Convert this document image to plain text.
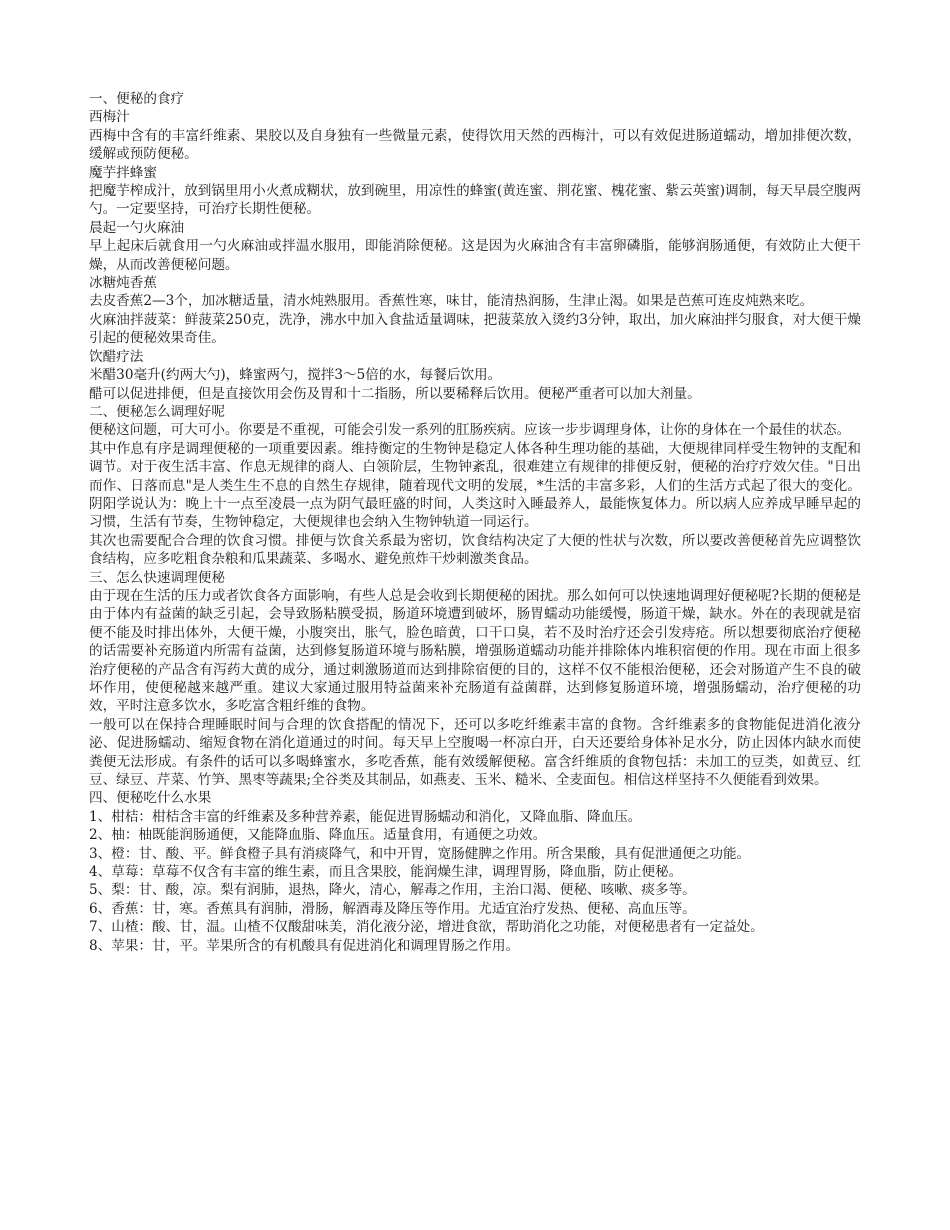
一、便秘的食疗

西梅汁

西梅中含有的丰富纤维素、果胶以及自身独有一些微量元素，使得饮用天然的西梅汁，可以有效促进肠道蠕动，增加排便次数，缓解或预防便秘。

魔芋拌蜂蜜

把魔芋榨成汁，放到锅里用小火煮成糊状，放到碗里，用凉性的蜂蜜(黄连蜜、荆花蜜、槐花蜜、紫云英蜜)调制，每天早晨空腹两勺。一定要坚持，可治疗长期性便秘。

晨起一勺火麻油

早上起床后就食用一勺火麻油或拌温水服用，即能消除便秘。这是因为火麻油含有丰富卵磷脂，能够润肠通便，有效防止大便干燥，从而改善便秘问题。

冰糖炖香蕉

去皮香蕉2—3个，加冰糖适量，清水炖熟服用。香蕉性寒，味甘，能清热润肠，生津止渴。如果是芭蕉可连皮炖熟来吃。

火麻油拌菠菜：鲜菠菜250克，洗净，沸水中加入食盐适量调味，把菠菜放入烫约3分钟，取出，加火麻油拌匀服食，对大便干燥引起的便秘效果奇佳。

饮醋疗法

米醋30毫升(约两大勺)，蜂蜜两勺，搅拌3～5倍的水，每餐后饮用。

醋可以促进排便，但是直接饮用会伤及胃和十二指肠，所以要稀释后饮用。便秘严重者可以加大剂量。

二、便秘怎么调理好呢

便秘这问题，可大可小。你要是不重视，可能会引发一系列的肛肠疾病。应该一步步调理身体，让你的身体在一个最佳的状态。

其中作息有序是调理便秘的一项重要因素。维持衡定的生物钟是稳定人体各种生理功能的基础，大便规律同样受生物钟的支配和调节。对于夜生活丰富、作息无规律的商人、白领阶层，生物钟紊乱，很难建立有规律的排便反射，便秘的治疗疗效欠佳。"日出而作、日落而息"是人类生生不息的自然生存规律，随着现代文明的发展，*生活的丰富多彩，人们的生活方式起了很大的变化。阴阳学说认为：晚上十一点至凌晨一点为阴气最旺盛的时间，人类这时入睡最养人，最能恢复体力。所以病人应养成早睡早起的习惯，生活有节奏，生物钟稳定，大便规律也会纳入生物钟轨道一同运行。

其次也需要配合合理的饮食习惯。排便与饮食关系最为密切，饮食结构决定了大便的性状与次数，所以要改善便秘首先应调整饮食结构，应多吃粗食杂粮和瓜果蔬菜、多喝水、避免煎炸干炒刺激类食品。

三、怎么快速调理便秘

由于现在生活的压力或者饮食各方面影响，有些人总是会收到长期便秘的困扰。那么如何可以快速地调理好便秘呢?长期的便秘是由于体内有益菌的缺乏引起，会导致肠粘膜受损，肠道环境遭到破坏，肠胃蠕动功能缓慢，肠道干燥，缺水。外在的表现就是宿便不能及时排出体外，大便干燥，小腹突出，胀气，脸色暗黄，口干口臭，若不及时治疗还会引发痔疮。所以想要彻底治疗便秘的话需要补充肠道内所需有益菌，达到修复肠道环境与肠粘膜，增强肠道蠕动功能并排除体内堆积宿便的作用。现在市面上很多治疗便秘的产品含有泻药大黄的成分，通过刺激肠道而达到排除宿便的目的，这样不仅不能根治便秘，还会对肠道产生不良的破坏作用，使便秘越来越严重。建议大家通过服用特益菌来补充肠道有益菌群，达到修复肠道环境，增强肠蠕动，治疗便秘的功效，平时注意多饮水，多吃富含粗纤维的食物。

一般可以在保持合理睡眠时间与合理的饮食搭配的情况下，还可以多吃纤维素丰富的食物。含纤维素多的食物能促进消化液分泌、促进肠蠕动、缩短食物在消化道通过的时间。每天早上空腹喝一杯凉白开，白天还要给身体补足水分，防止因体内缺水而使粪便无法形成。有条件的话可以多喝蜂蜜水，多吃香蕉，能有效缓解便秘。富含纤维质的食物包括：未加工的豆类，如黄豆、红豆、绿豆、芹菜、竹笋、黑枣等蔬果;全谷类及其制品，如燕麦、玉米、糙米、全麦面包。相信这样坚持不久便能看到效果。

四、便秘吃什么水果

1、柑桔：柑桔含丰富的纤维素及多种营养素，能促进胃肠蠕动和消化，又降血脂、降血压。

2、柚：柚既能润肠通便，又能降血脂、降血压。适量食用，有通便之功效。

3、橙：甘、酸、平。鲜食橙子具有消痰降气，和中开胃，宽肠健脾之作用。所含果酸，具有促泄通便之功能。

4、草莓：草莓不仅含有丰富的维生素，而且含果胶，能润燥生津，调理胃肠，降血脂，防止便秘。

5、梨：甘、酸，凉。梨有润肺，退热，降火，清心，解毒之作用，主治口渴、便秘、咳嗽、痰多等。

6、香蕉：甘，寒。香蕉具有润肺，滑肠，解酒毒及降压等作用。尤适宜治疗发热、便秘、高血压等。

7、山楂：酸、甘，温。山楂不仅酸甜味美，消化液分泌，增进食欲，帮助消化之功能，对便秘患者有一定益处。

8、苹果：甘，平。苹果所含的有机酸具有促进消化和调理胃肠之作用。
